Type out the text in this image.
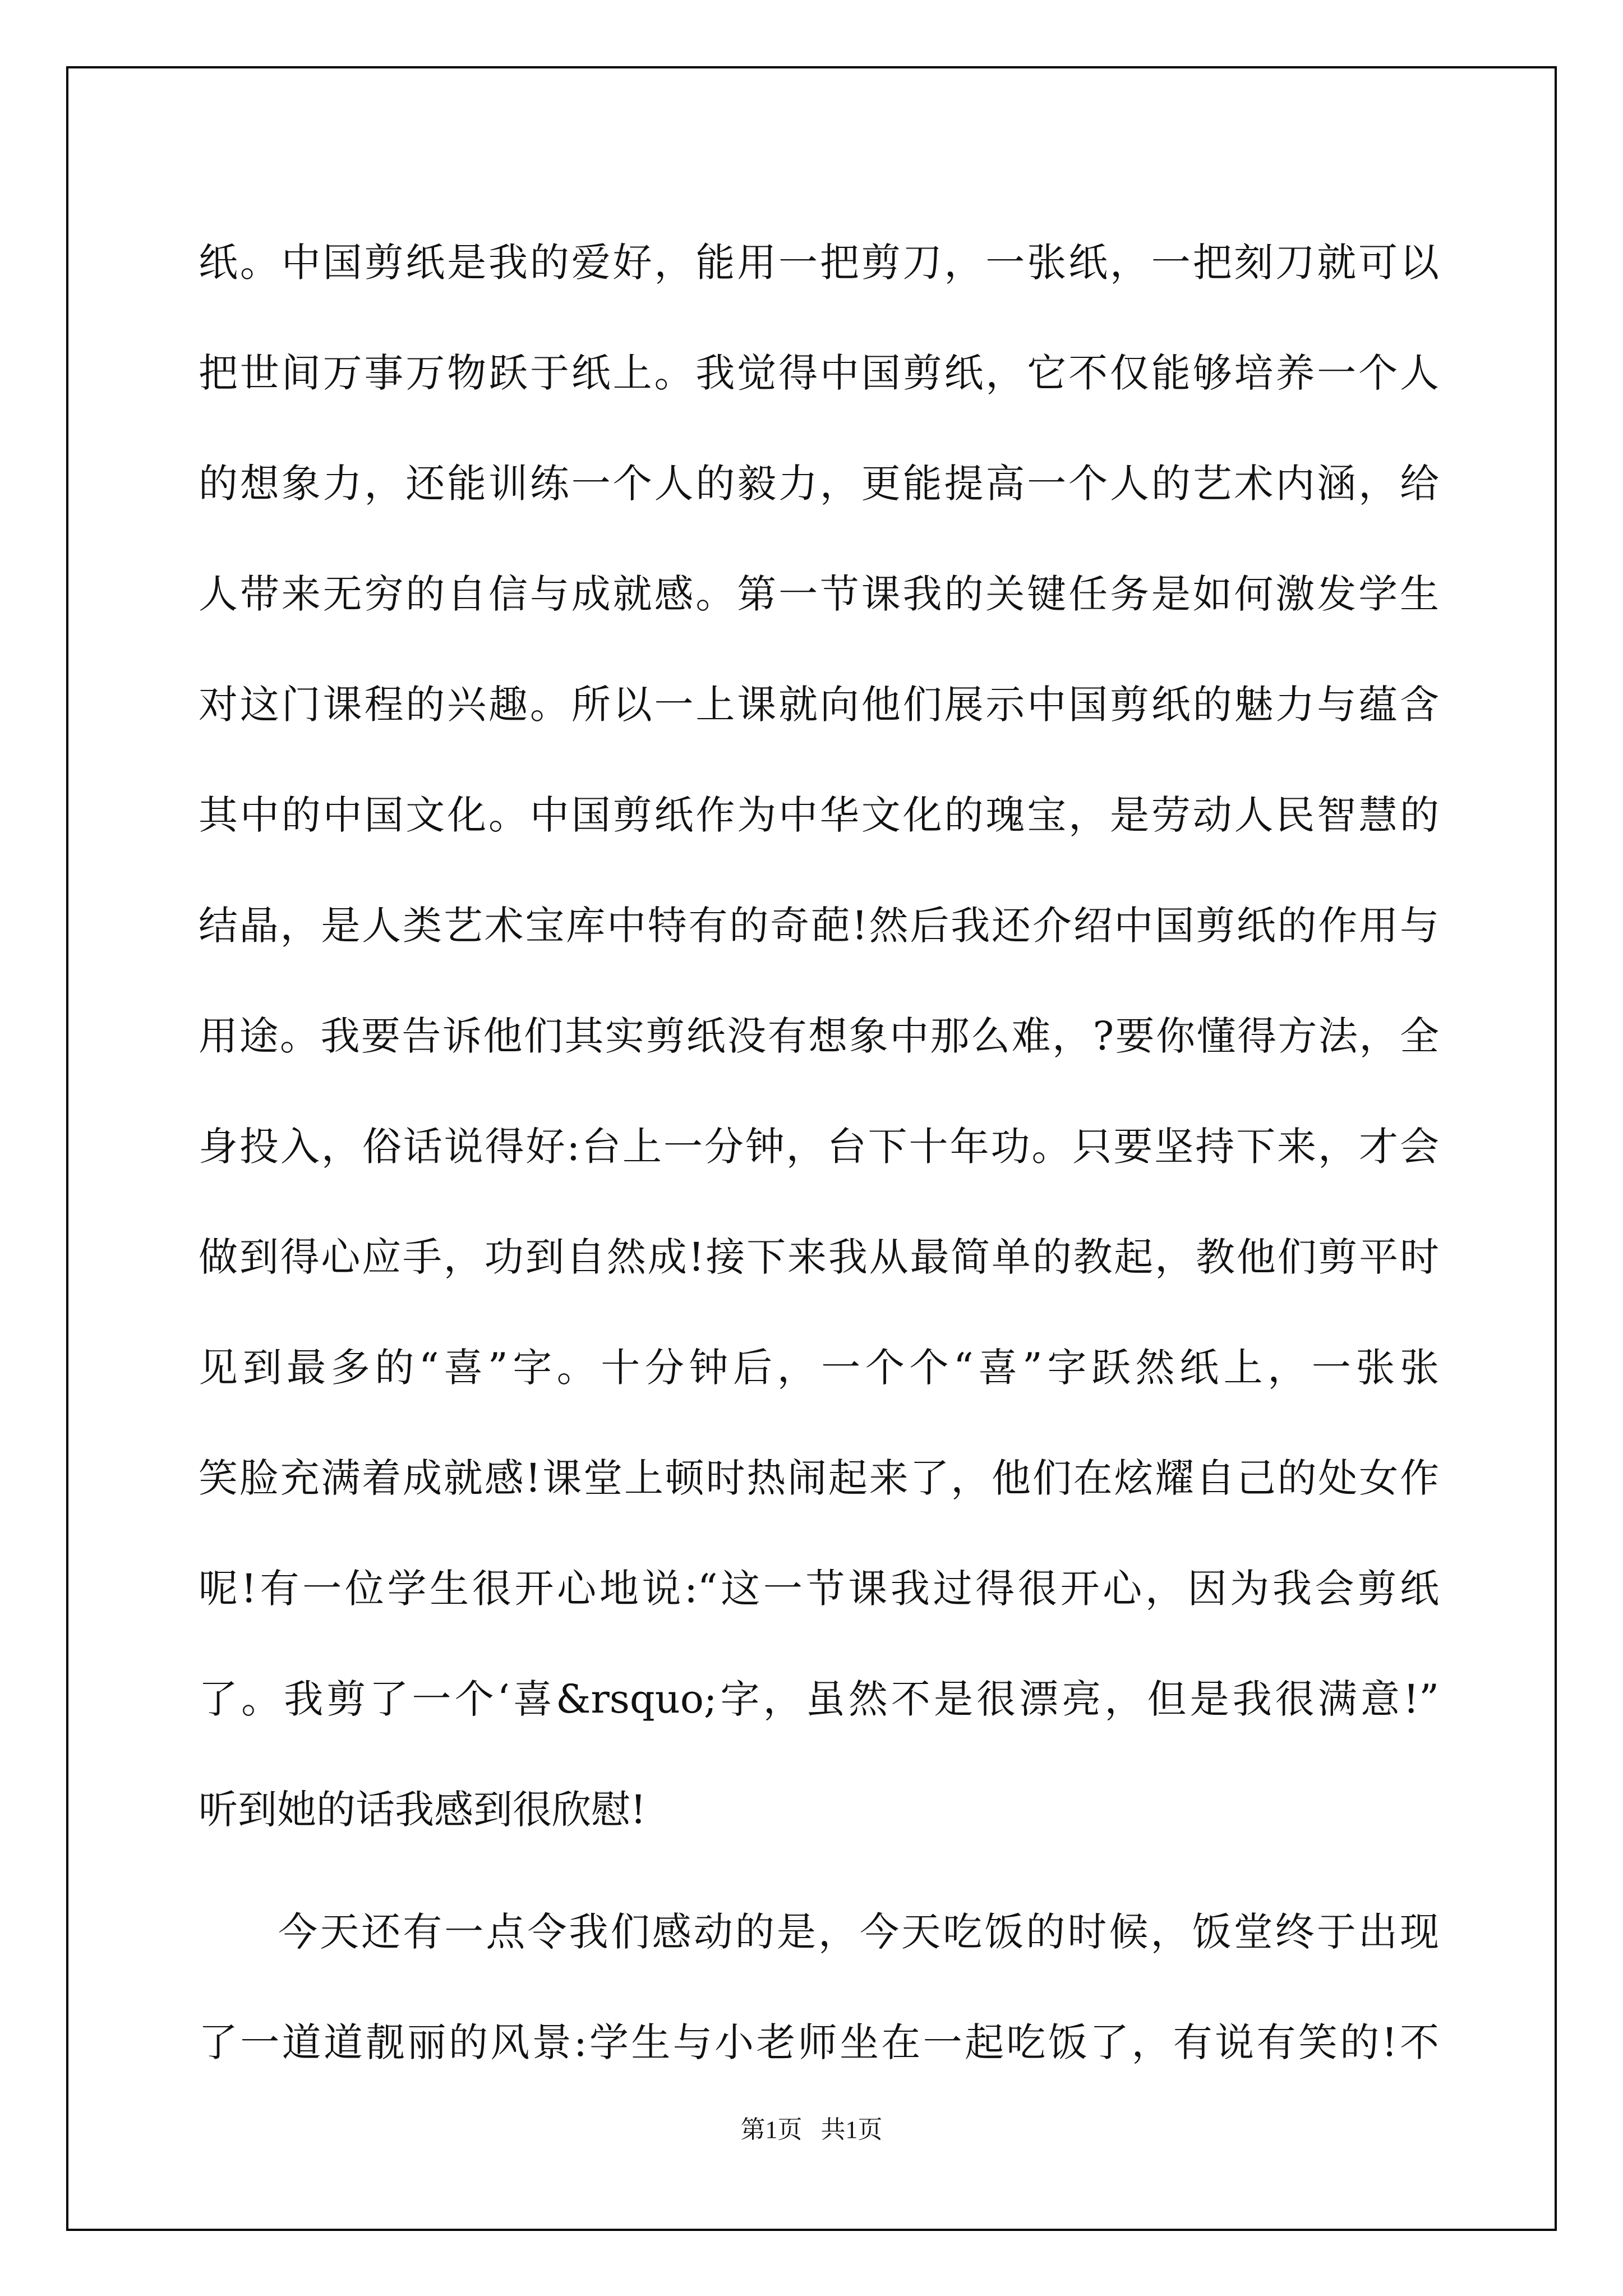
纸。中国剪纸是我的爱好，能用一把剪刀，一张纸，一把刻刀就可以
把世间万事万物跃于纸上。我觉得中国剪纸，它不仅能够培养一个人
的想象力，还能训练一个人的毅力，更能提高一个人的艺术内涵，给
人带来无穷的自信与成就感。第一节课我的关键任务是如何激发学生
对这门课程的兴趣。所以一上课就向他们展示中国剪纸的魅力与蕴含
其中的中国文化。中国剪纸作为中华文化的瑰宝，是劳动人民智慧的
结晶，是人类艺术宝库中特有的奇葩!然后我还介绍中国剪纸的作用与
用途。我要告诉他们其实剪纸没有想象中那么难，?要你懂得方法，全
身投入，俗话说得好:台上一分钟，台下十年功。只要坚持下来，才会
做到得心应手，功到自然成!接下来我从最简单的教起，教他们剪平时
见到最多的“喜”字。十分钟后，一个个“喜”字跃然纸上，一张张
笑脸充满着成就感!课堂上顿时热闹起来了，他们在炫耀自己的处女作
呢!有一位学生很开心地说:“这一节课我过得很开心，因为我会剪纸
了。我剪了一个‘喜&rsquo;字，虽然不是很漂亮，但是我很满意!”
听到她的话我感到很欣慰!
今天还有一点令我们感动的是，今天吃饭的时候，饭堂终于出现
了一道道靓丽的风景:学生与小老师坐在一起吃饭了，有说有笑的!不
第1页   共1页
